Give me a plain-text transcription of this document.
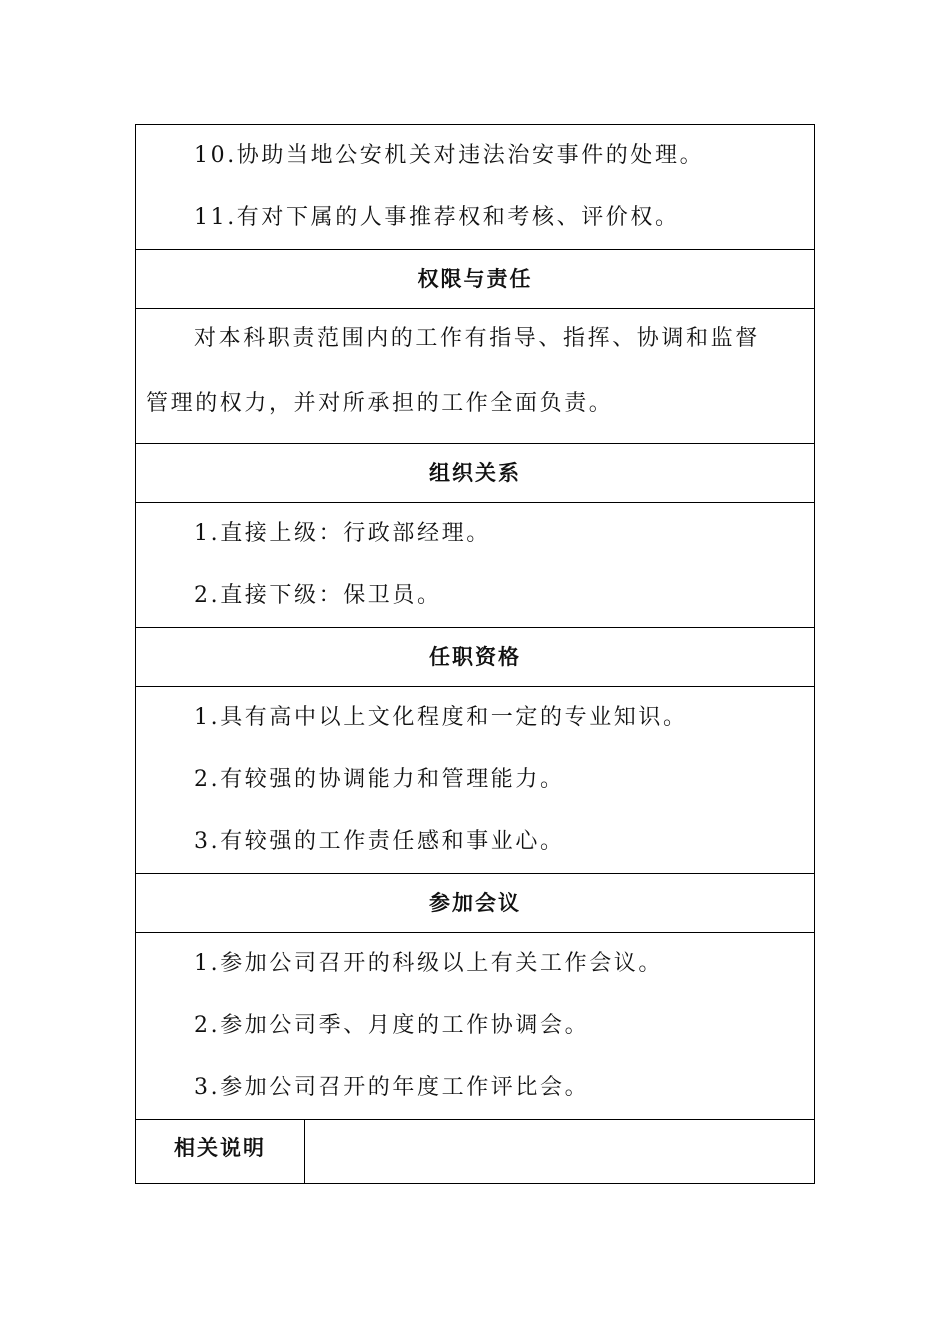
10.协助当地公安机关对违法治安事件的处理。
11.有对下属的人事推荐权和考核、评价权。
权限与责任
对本科职责范围内的工作有指导、指挥、协调和监督
管理的权力，并对所承担的工作全面负责。
组织关系
1.直接上级：行政部经理。
2.直接下级：保卫员。
任职资格
1.具有高中以上文化程度和一定的专业知识。
2.有较强的协调能力和管理能力。
3.有较强的工作责任感和事业心。
参加会议
1.参加公司召开的科级以上有关工作会议。
2.参加公司季、月度的工作协调会。
3.参加公司召开的年度工作评比会。
相关说明
